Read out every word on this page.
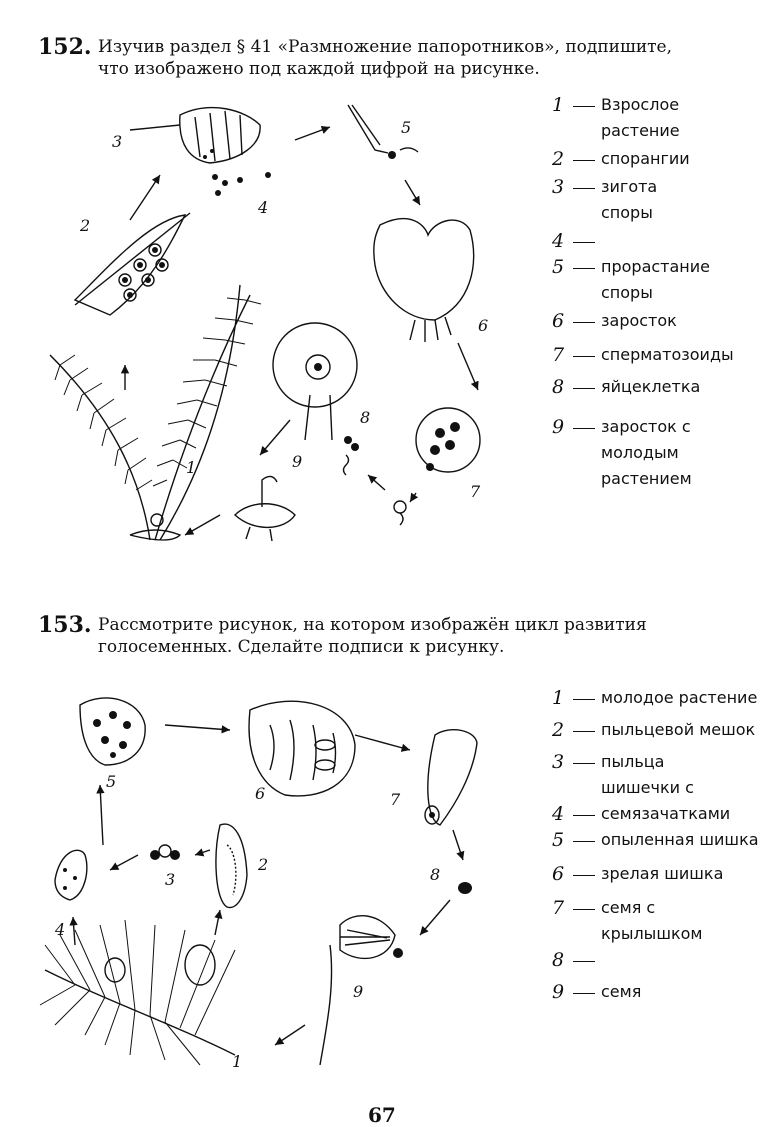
152. Изучив раздел § 41 «Размножение папоротников», подпишите,
что изображено под каждой цифрой на рисунке.
3
5
4
2
6
8
9
1
7
1	Взрослое
растение
2	спорангии
3	зигота
споры
4
5	прорастание
споры
6	заросток
7	сперматозоиды
8	яйцеклетка
9	заросток с
молодым
растением
153. Рассмотрите рисунок, на котором изображён цикл развития
голосеменных. Сделайте подписи к рисунку.
5
6	7
2
3	8
4
9
1
1	молодое растение
2	пыльцевой мешок
3	пыльца
шишечки с
4	семязачатками
5	опыленная шишка
6	зрелая шишка
7	семя с
крылышком
8
9	семя
67
